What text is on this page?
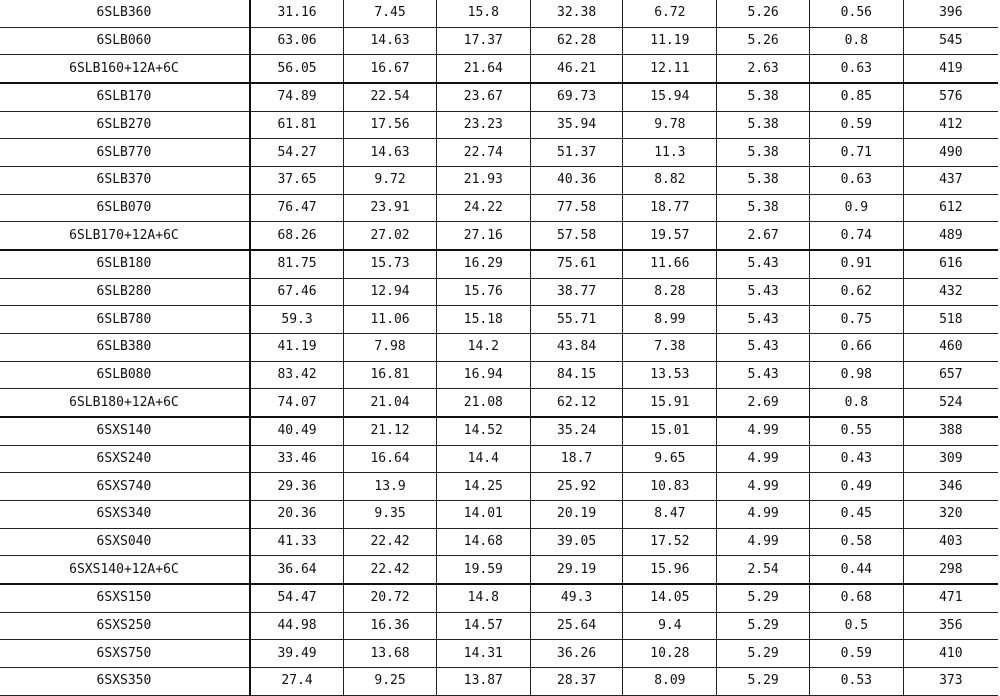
6SLB360	31.16	7.45	15.8	32.38	6.72	5.26	0.56	396
6SLB060	63.06	14.63	17.37	62.28	11.19	5.26	0.8	545
6SLB160+12A+6C	56.05	16.67	21.64	46.21	12.11	2.63	0.63	419
6SLB170	74.89	22.54	23.67	69.73	15.94	5.38	0.85	576
6SLB270	61.81	17.56	23.23	35.94	9.78	5.38	0.59	412
6SLB770	54.27	14.63	22.74	51.37	11.3	5.38	0.71	490
6SLB370	37.65	9.72	21.93	40.36	8.82	5.38	0.63	437
6SLB070	76.47	23.91	24.22	77.58	18.77	5.38	0.9	612
6SLB170+12A+6C	68.26	27.02	27.16	57.58	19.57	2.67	0.74	489
6SLB180	81.75	15.73	16.29	75.61	11.66	5.43	0.91	616
6SLB280	67.46	12.94	15.76	38.77	8.28	5.43	0.62	432
6SLB780	59.3	11.06	15.18	55.71	8.99	5.43	0.75	518
6SLB380	41.19	7.98	14.2	43.84	7.38	5.43	0.66	460
6SLB080	83.42	16.81	16.94	84.15	13.53	5.43	0.98	657
6SLB180+12A+6C	74.07	21.04	21.08	62.12	15.91	2.69	0.8	524
6SXS140	40.49	21.12	14.52	35.24	15.01	4.99	0.55	388
6SXS240	33.46	16.64	14.4	18.7	9.65	4.99	0.43	309
6SXS740	29.36	13.9	14.25	25.92	10.83	4.99	0.49	346
6SXS340	20.36	9.35	14.01	20.19	8.47	4.99	0.45	320
6SXS040	41.33	22.42	14.68	39.05	17.52	4.99	0.58	403
6SXS140+12A+6C	36.64	22.42	19.59	29.19	15.96	2.54	0.44	298
6SXS150	54.47	20.72	14.8	49.3	14.05	5.29	0.68	471
6SXS250	44.98	16.36	14.57	25.64	9.4	5.29	0.5	356
6SXS750	39.49	13.68	14.31	36.26	10.28	5.29	0.59	410
6SXS350	27.4	9.25	13.87	28.37	8.09	5.29	0.53	373
